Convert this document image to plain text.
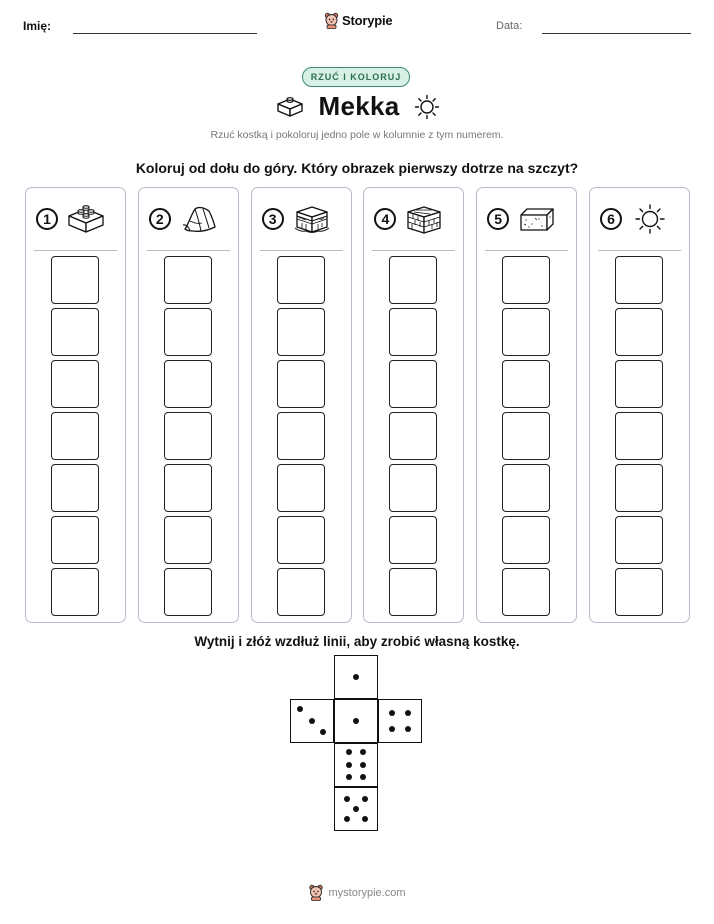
Imię:	Storypie	Data:
RZUĆ I KOLORUJ
Mekka
Rzuć kostką i pokoloruj jedno pole w kolumnie z tym numerem.
Koloruj od dołu do góry. Który obrazek pierwszy dotrze na szczyt?
1	2	3	4	5	6
Wytnij i złóż wzdłuż linii, aby zrobić własną kostkę.
mystorypie.com
